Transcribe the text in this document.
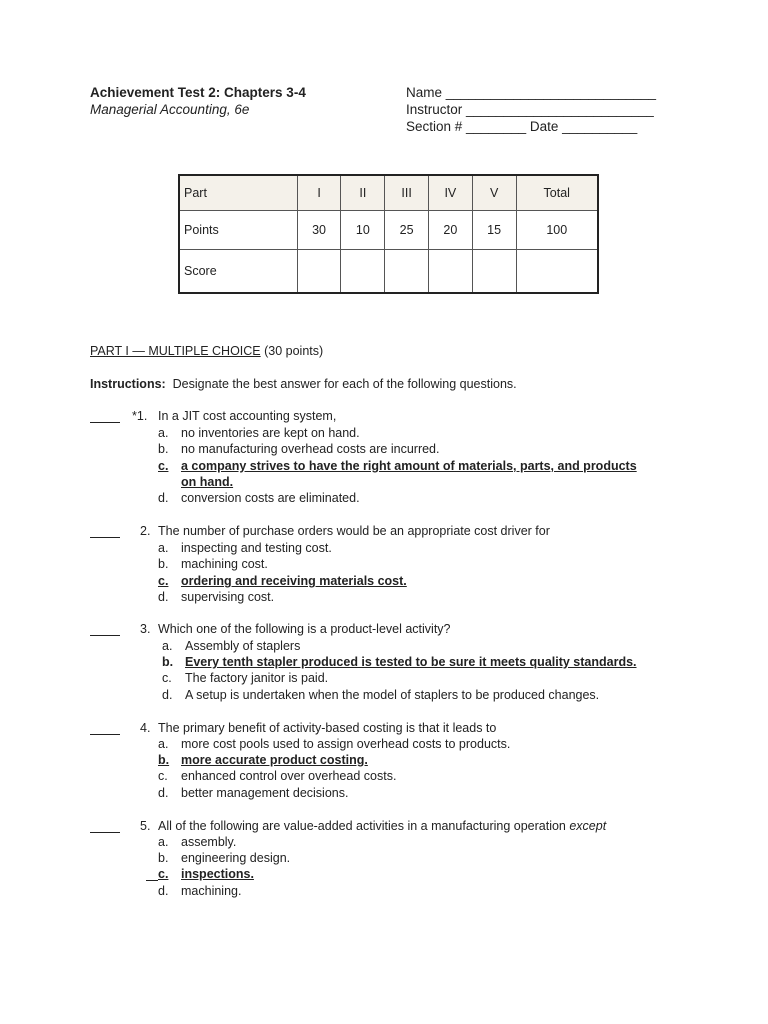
Achievement Test 2: Chapters 3-4
Managerial Accounting, 6e
Name ____________________________
Instructor _________________________
Section # ________ Date __________
Part	I	II	III	IV	V	Total
Points	30	10	25	20	15	100
Score						
PART I — MULTIPLE CHOICE (30 points)
Instructions: Designate the best answer for each of the following questions.
*1. In a JIT cost accounting system,
a. no inventories are kept on hand.
b. no manufacturing overhead costs are incurred.
c. a company strives to have the right amount of materials, parts, and products
on hand.
d. conversion costs are eliminated.
2. The number of purchase orders would be an appropriate cost driver for
a. inspecting and testing cost.
b. machining cost.
c. ordering and receiving materials cost.
d. supervising cost.
3. Which one of the following is a product-level activity?
a. Assembly of staplers
b. Every tenth stapler produced is tested to be sure it meets quality standards.
c. The factory janitor is paid.
d. A setup is undertaken when the model of staplers to be produced changes.
4. The primary benefit of activity-based costing is that it leads to
a. more cost pools used to assign overhead costs to products.
b. more accurate product costing.
c. enhanced control over overhead costs.
d. better management decisions.
5. All of the following are value-added activities in a manufacturing operation except
a. assembly.
b. engineering design.
c. inspections.
d. machining.
